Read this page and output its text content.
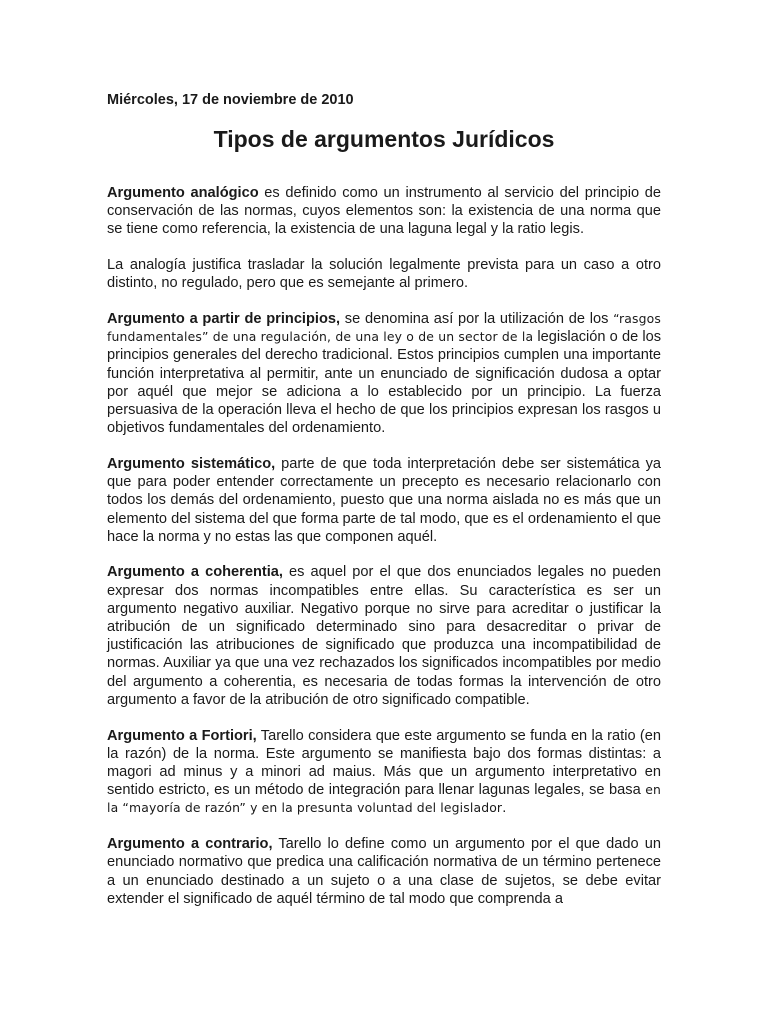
Miércoles, 17 de noviembre de 2010

Tipos de argumentos Jurídicos

Argumento analógico es definido como un instrumento al servicio del principio de conservación de las normas, cuyos elementos son: la existencia de una norma que se tiene como referencia, la existencia de una laguna legal y la ratio legis.

La analogía justifica trasladar la solución legalmente prevista para un caso a otro distinto, no regulado, pero que es semejante al primero.

Argumento a partir de principios, se denomina así por la utilización de los “rasgos fundamentales” de una regulación, de una ley o de un sector de la legislación o de los principios generales del derecho tradicional. Estos principios cumplen una importante función interpretativa al permitir, ante un enunciado de significación dudosa a optar por aquél que mejor se adiciona a lo establecido por un principio. La fuerza persuasiva de la operación lleva el hecho de que los principios expresan los rasgos u objetivos fundamentales del ordenamiento.

Argumento sistemático, parte de que toda interpretación debe ser sistemática ya que para poder entender correctamente un precepto es necesario relacionarlo con todos los demás del ordenamiento, puesto que una norma aislada no es más que un elemento del sistema del que forma parte de tal modo, que es el ordenamiento el que hace la norma y no estas las que componen aquél.

Argumento a coherentia, es aquel por el que dos enunciados legales no pueden expresar dos normas incompatibles entre ellas. Su característica es ser un argumento negativo auxiliar. Negativo porque no sirve para acreditar o justificar la atribución de un significado determinado sino para desacreditar o privar de justificación las atribuciones de significado que produzca una incompatibilidad de normas. Auxiliar ya que una vez rechazados los significados incompatibles por medio del argumento a coherentia, es necesaria de todas formas la intervención de otro argumento a favor de la atribución de otro significado compatible.

Argumento a Fortiori, Tarello considera que este argumento se funda en la ratio (en la razón) de la norma. Este argumento se manifiesta bajo dos formas distintas: a magori ad minus y a minori ad maius. Más que un argumento interpretativo en sentido estricto, es un método de integración para llenar lagunas legales, se basa en la “mayoría de razón” y en la presunta voluntad del legislador.

Argumento a contrario, Tarello lo define como un argumento por el que dado un enunciado normativo que predica una calificación normativa de un término pertenece a un enunciado destinado a un sujeto o a una clase de sujetos, se debe evitar extender el significado de aquél término de tal modo que comprenda a
